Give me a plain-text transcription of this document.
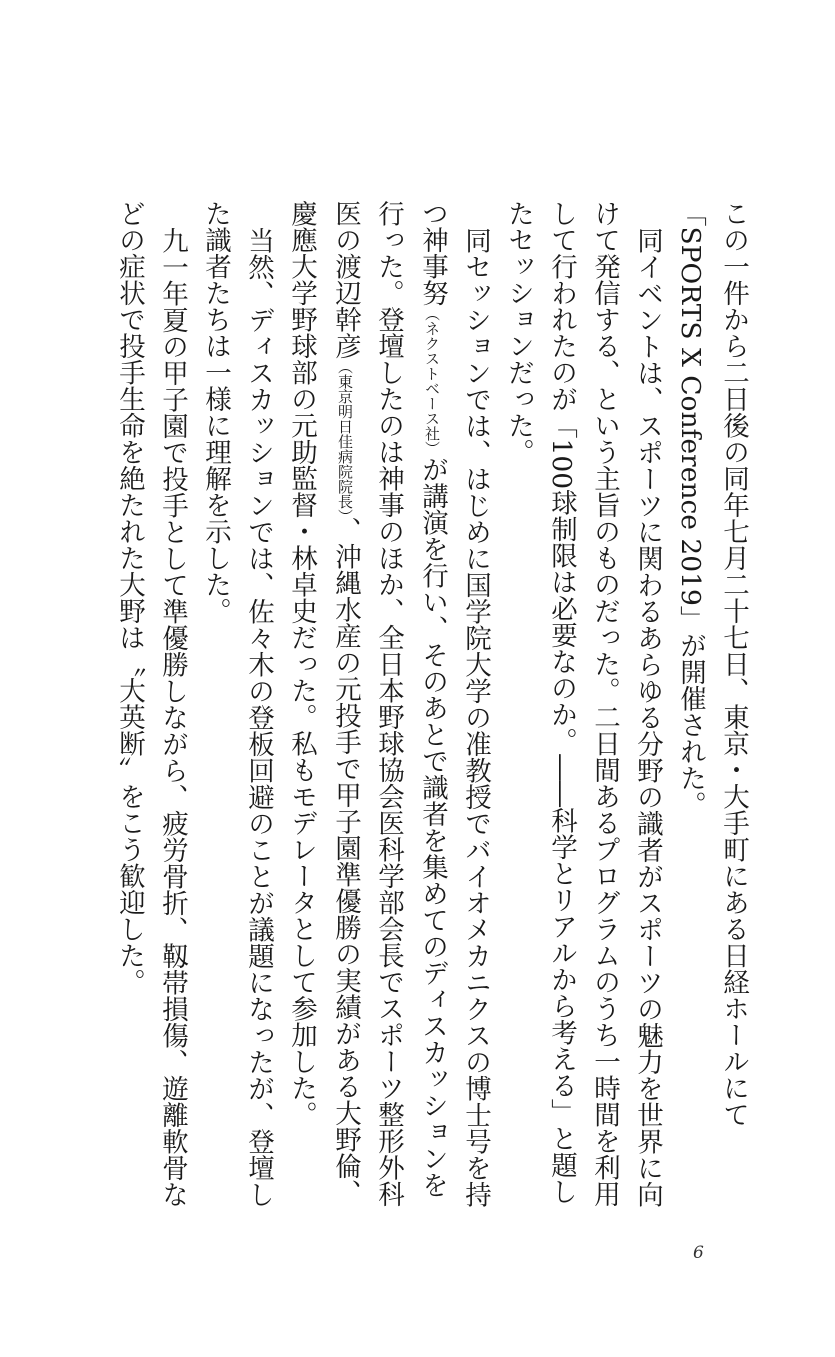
この一件から二日後の同年七月二十七日、東京・大手町にある日経ホールにて「SPORTS X Conference 2019」が開催された。

同イベントは、スポーツに関わるあらゆる分野の識者がスポーツの魅力を世界に向けて発信する、という主旨のものだった。二日間あるプログラムのうち一時間を利用して行われたのが「100球制限は必要なのか。――科学とリアルから考える」と題したセッションだった。

同セッションでは、はじめに国学院大学の准教授でバイオメカニクスの博士号を持つ神事努（ネクストベース社）が講演を行い、そのあとで識者を集めてのディスカッションを行った。登壇したのは神事のほか、全日本野球協会医科学部会長でスポーツ整形外科医の渡辺幹彦（東京明日佳病院院長）、沖縄水産の元投手で甲子園準優勝の実績がある大野倫、慶應大学野球部の元助監督・林卓史だった。私もモデレータとして参加した。

当然、ディスカッションでは、佐々木の登板回避のことが議題になったが、登壇した識者たちは一様に理解を示した。

九一年夏の甲子園で投手として準優勝しながら、疲労骨折、靱帯損傷、遊離軟骨などの症状で投手生命を絶たれた大野は〝大英断〟をこう歓迎した。

6
